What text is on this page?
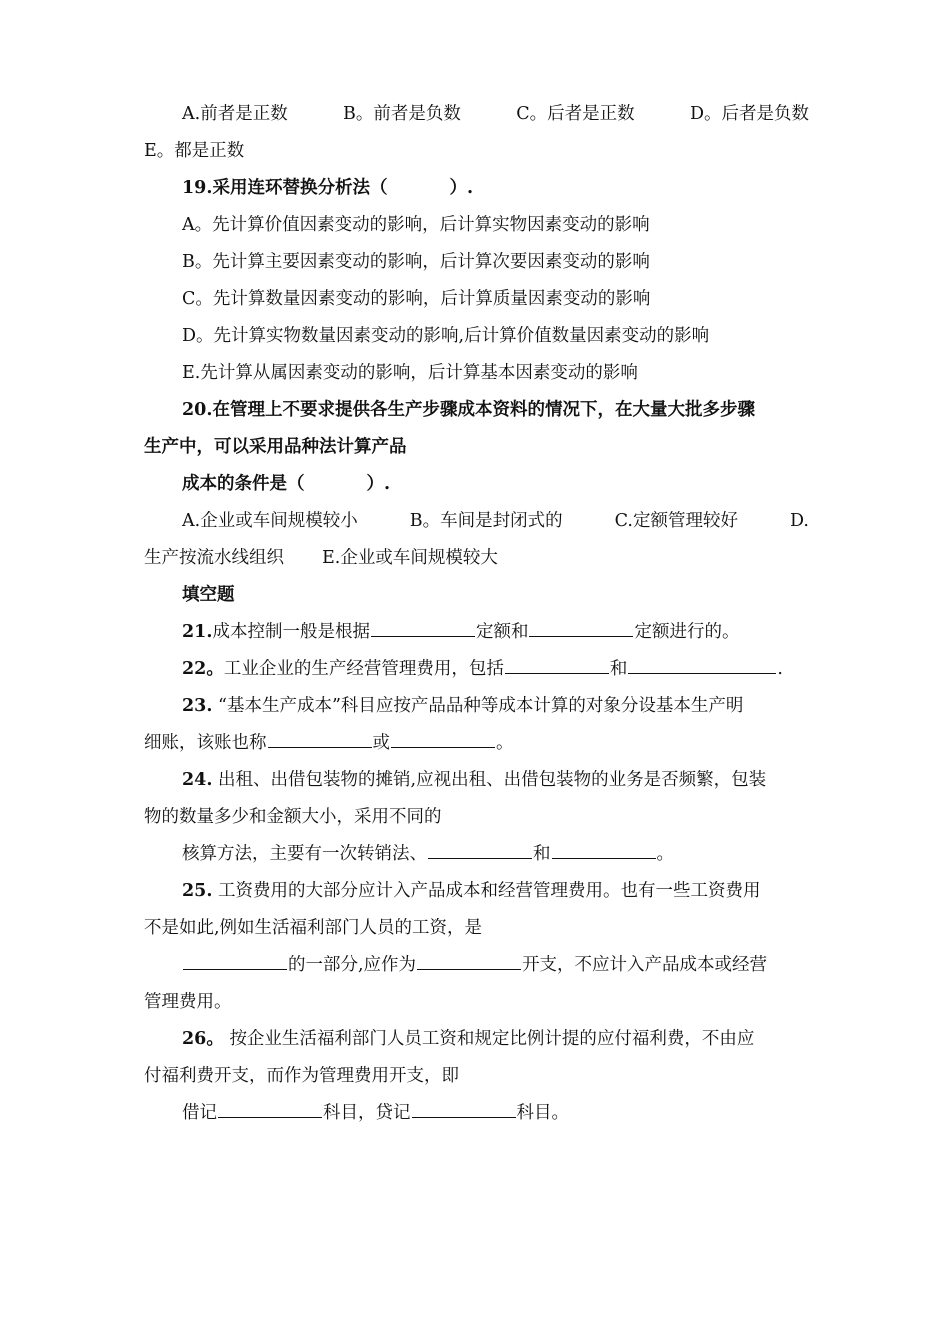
A.前者是正数	B。前者是负数	C。后者是正数	D。后者是负数

E。都是正数

19.采用连环替换分析法（	）.

A。先计算价值因素变动的影响，后计算实物因素变动的影响

B。先计算主要因素变动的影响，后计算次要因素变动的影响

C。先计算数量因素变动的影响，后计算质量因素变动的影响

D。先计算实物数量因素变动的影响,后计算价值数量因素变动的影响

E.先计算从属因素变动的影响，后计算基本因素变动的影响

20.在管理上不要求提供各生产步骤成本资料的情况下，在大量大批多步骤

生产中，可以采用品种法计算产品

成本的条件是（	）.

A.企业或车间规模较小	B。车间是封闭式的	C.定额管理较好	D.

生产按流水线组织 E.企业或车间规模较大

填空题

21.成本控制一般是根据	定额和	定额进行的。

22。工业企业的生产经营管理费用，包括	和	.

23. “基本生产成本”科目应按产品品种等成本计算的对象分设基本生产明

细账，该账也称	或	。

24. 出租、出借包装物的摊销,应视出租、出借包装物的业务是否频繁，包装

物的数量多少和金额大小，采用不同的

核算方法，主要有一次转销法、	和	。

25. 工资费用的大部分应计入产品成本和经营管理费用。也有一些工资费用

不是如此,例如生活福利部门人员的工资，是

的一部分,应作为	开支，不应计入产品成本或经营

管理费用。

26。 按企业生活福利部门人员工资和规定比例计提的应付福利费，不由应

付福利费开支，而作为管理费用开支，即

借记	科目，贷记	科目。
